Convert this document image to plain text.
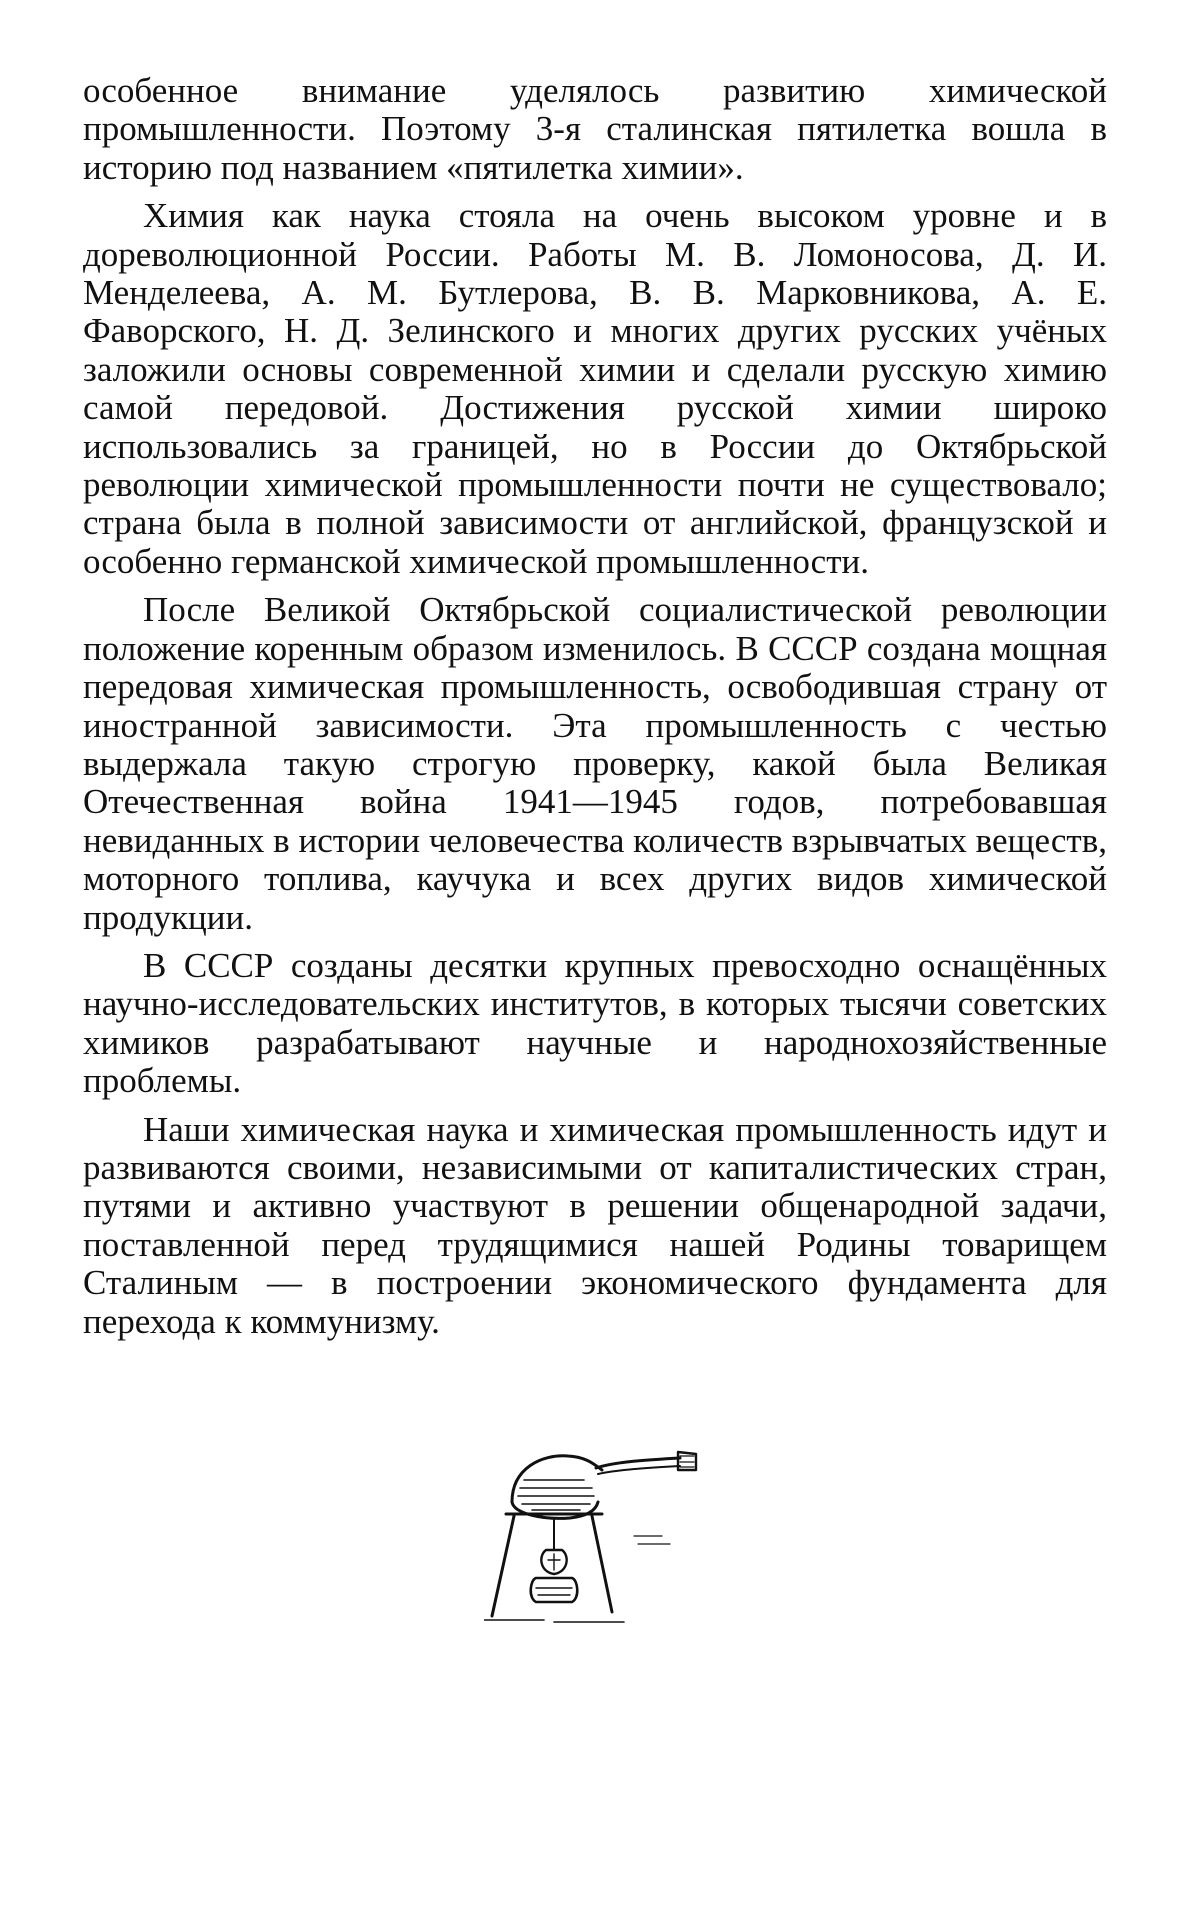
особенное внимание уделялось развитию химической промышленности. Поэтому 3-я сталинская пятилетка вошла в историю под названием «пятилетка химии».

Химия как наука стояла на очень высоком уровне и в дореволюционной России. Работы М. В. Ломоносова, Д. И. Менделеева, А. М. Бутлерова, В. В. Марковникова, А. Е. Фаворского, Н. Д. Зелинского и многих других русских учёных заложили основы современной химии и сделали русскую химию самой передовой. Достижения русской химии широко использовались за границей, но в России до Октябрьской революции химической промышленности почти не существовало; страна была в полной зависимости от английской, французской и особенно германской химической промышленности.

После Великой Октябрьской социалистической революции положение коренным образом изменилось. В СССР создана мощная передовая химическая промышленность, освободившая страну от иностранной зависимости. Эта промышленность с честью выдержала такую строгую проверку, какой была Великая Отечественная война 1941—1945 годов, потребовавшая невиданных в истории человечества количеств взрывчатых веществ, моторного топлива, каучука и всех других видов химической продукции.

В СССР созданы десятки крупных превосходно оснащённых научно-исследовательских институтов, в которых тысячи советских химиков разрабатывают научные и народнохозяйственные проблемы.

Наши химическая наука и химическая промышленность идут и развиваются своими, независимыми от капиталистических стран, путями и активно участвуют в решении общенародной задачи, поставленной перед трудящимися нашей Родины товарищем Сталиным — в построении экономического фундамента для перехода к коммунизму.
